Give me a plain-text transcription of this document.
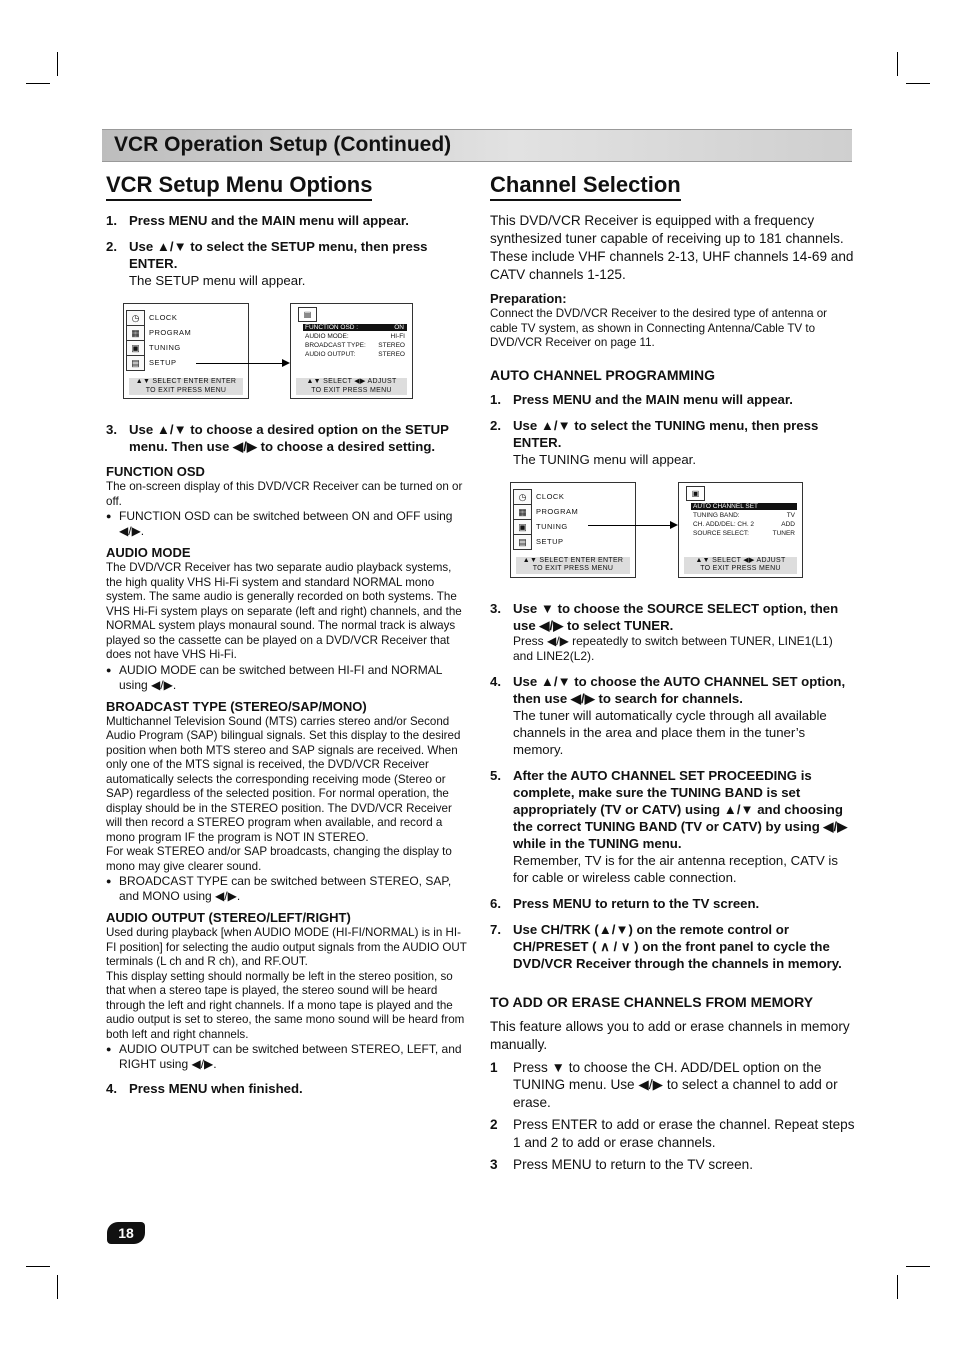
VCR Operation Setup (Continued)
VCR Setup Menu Options
1. Press MENU and the MAIN menu will appear.
2. Use ▲/▼ to select the SETUP menu, then press ENTER.
The SETUP menu will appear.
◷	CLOCK
▦	PROGRAM
▣	TUNING
▤	SETUP
▲▼ SELECT ENTER ENTER
TO EXIT PRESS MENU
▤
FUNCTION OSD :	ON
AUDIO MODE:	HI-FI
BROADCAST TYPE: STEREO
AUDIO OUTPUT:	STEREO
▲▼ SELECT ◀▶ ADJUST
TO EXIT PRESS MENU
3. Use ▲/▼ to choose a desired option on the SETUP menu. Then use ◀/▶ to choose a desired setting.
FUNCTION OSD
The on-screen display of this DVD/VCR Receiver can be turned on or off.
● FUNCTION OSD can be switched between ON and OFF using ◀/▶.
AUDIO MODE
The DVD/VCR Receiver has two separate audio playback systems, the high quality VHS Hi-Fi system and standard NORMAL mono system. The same audio is generally recorded on both systems. The VHS Hi-Fi system plays on separate (left and right) channels, and the NORMAL system plays monaural sound. The normal track is always played so the cassette can be played on a DVD/VCR Receiver that does not have VHS Hi-Fi.
● AUDIO MODE can be switched between HI-FI and NORMAL using ◀/▶.
BROADCAST TYPE (STEREO/SAP/MONO)
Multichannel Television Sound (MTS) carries stereo and/or Second Audio Program (SAP) bilingual signals. Set this display to the desired position when both MTS stereo and SAP signals are received. When only one of the MTS signal is received, the DVD/VCR Receiver automatically selects the corresponding receiving mode (Stereo or SAP) regardless of the selected position. For normal operation, the display should be in the STEREO position. The DVD/VCR Receiver will then record a STEREO program when available, and record a mono program IF the program is NOT IN STEREO.
For weak STEREO and/or SAP broadcasts, changing the display to mono may give clearer sound.
● BROADCAST TYPE can be switched between STEREO, SAP, and MONO using ◀/▶.
AUDIO OUTPUT (STEREO/LEFT/RIGHT)
Used during playback [when AUDIO MODE (HI-FI/NORMAL) is in HI-FI position] for selecting the audio output signals from the AUDIO OUT terminals (L ch and R ch), and RF.OUT.
This display setting should normally be left in the stereo position, so that when a stereo tape is played, the stereo sound will be heard through the left and right channels. If a mono tape is played and the audio output is set to stereo, the same mono sound will be heard from both left and right channels.
● AUDIO OUTPUT can be switched between STEREO, LEFT, and RIGHT using ◀/▶.
4. Press MENU when finished.
Channel Selection
This DVD/VCR Receiver is equipped with a frequency synthesized tuner capable of receiving up to 181 channels. These include VHF channels 2-13, UHF channels 14-69 and CATV channels 1-125.
Preparation:
Connect the DVD/VCR Receiver to the desired type of antenna or cable TV system, as shown in Connecting Antenna/Cable TV to DVD/VCR Receiver on page 11.
AUTO CHANNEL PROGRAMMING
1. Press MENU and the MAIN menu will appear.
2. Use ▲/▼ to select the TUNING menu, then press ENTER.
The TUNING menu will appear.
◷	CLOCK
▦	PROGRAM
▣	TUNING
▤	SETUP
▲▼ SELECT ENTER ENTER
TO EXIT PRESS MENU
▣
AUTO CHANNEL SET
TUNING BAND:	TV
CH. ADD/DEL: CH. 2	ADD
SOURCE SELECT:	TUNER
▲▼ SELECT ◀▶ ADJUST
TO EXIT PRESS MENU
3. Use ▼ to choose the SOURCE SELECT option, then use ◀/▶ to select TUNER.
Press ◀/▶ repeatedly to switch between TUNER, LINE1(L1) and LINE2(L2).
4. Use ▲/▼ to choose the AUTO CHANNEL SET option, then use ◀/▶ to search for channels.
The tuner will automatically cycle through all available channels in the area and place them in the tuner’s memory.
5. After the AUTO CHANNEL SET PROCEEDING is complete, make sure the TUNING BAND is set appropriately (TV or CATV) using ▲/▼ and choosing the correct TUNING BAND (TV or CATV) by using ◀/▶ while in the TUNING menu.
Remember, TV is for the air antenna reception, CATV is for cable or wireless cable connection.
6. Press MENU to return to the TV screen.
7. Use CH/TRK (▲/▼) on the remote control or CH/PRESET ( ∧ / ∨ ) on the front panel to cycle the DVD/VCR Receiver through the channels in memory.
TO ADD OR ERASE CHANNELS FROM MEMORY
This feature allows you to add or erase channels in memory manually.
1 Press ▼ to choose the CH. ADD/DEL option on the TUNING menu. Use ◀/▶ to select a channel to add or erase.
2 Press ENTER to add or erase the channel. Repeat steps 1 and 2 to add or erase channels.
3 Press MENU to return to the TV screen.
18
